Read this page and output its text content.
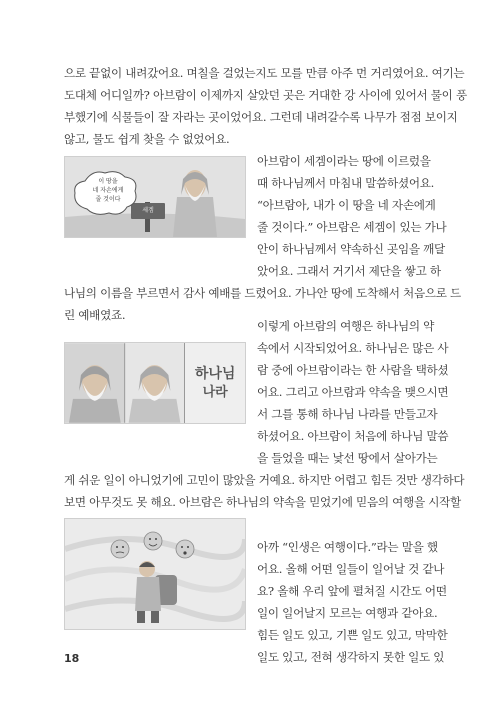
으로 끝없이 내려갔어요. 며칠을 걸었는지도 모를 만큼 아주 먼 거리였어요. 여기는
도대체 어디일까? 아브람이 이제까지 살았던 곳은 거대한 강 사이에 있어서 물이 풍
부했기에 식물들이 잘 자라는 곳이었어요. 그런데 내려갈수록 나무가 점점 보이지
않고, 물도 쉽게 찾을 수 없었어요.
이 땅을
네 자손에게
줄 것이다
세겜
아브람이 세겜이라는 땅에 이르렀을
때 하나님께서 마침내 말씀하셨어요.
“아브람아, 내가 이 땅을 네 자손에게
줄 것이다.” 아브람은 세겜이 있는 가나
안이 하나님께서 약속하신 곳임을 깨달
았어요. 그래서 거기서 제단을 쌓고 하
나님의 이름을 부르면서 감사 예배를 드렸어요. 가나안 땅에 도착해서 처음으로 드
린 예배였죠.
하나님
나라
이렇게 아브람의 여행은 하나님의 약
속에서 시작되었어요. 하나님은 많은 사
람 중에 아브람이라는 한 사람을 택하셨
어요. 그리고 아브람과 약속을 맺으시면
서 그를 통해 하나님 나라를 만들고자
하셨어요. 아브람이 처음에 하나님 말씀
을 들었을 때는 낯선 땅에서 살아가는
게 쉬운 일이 아니었기에 고민이 많았을 거예요. 하지만 어렵고 힘든 것만 생각하다
보면 아무것도 못 해요. 아브람은 하나님의 약속을 믿었기에 믿음의 여행을 시작할
아까 “인생은 여행이다.”라는 말을 했
어요. 올해 어떤 일들이 일어날 것 같나
요? 올해 우리 앞에 펼쳐질 시간도 어떤
일이 일어날지 모르는 여행과 같아요.
힘든 일도 있고, 기쁜 일도 있고, 막막한
일도 있고, 전혀 생각하지 못한 일도 있
18
